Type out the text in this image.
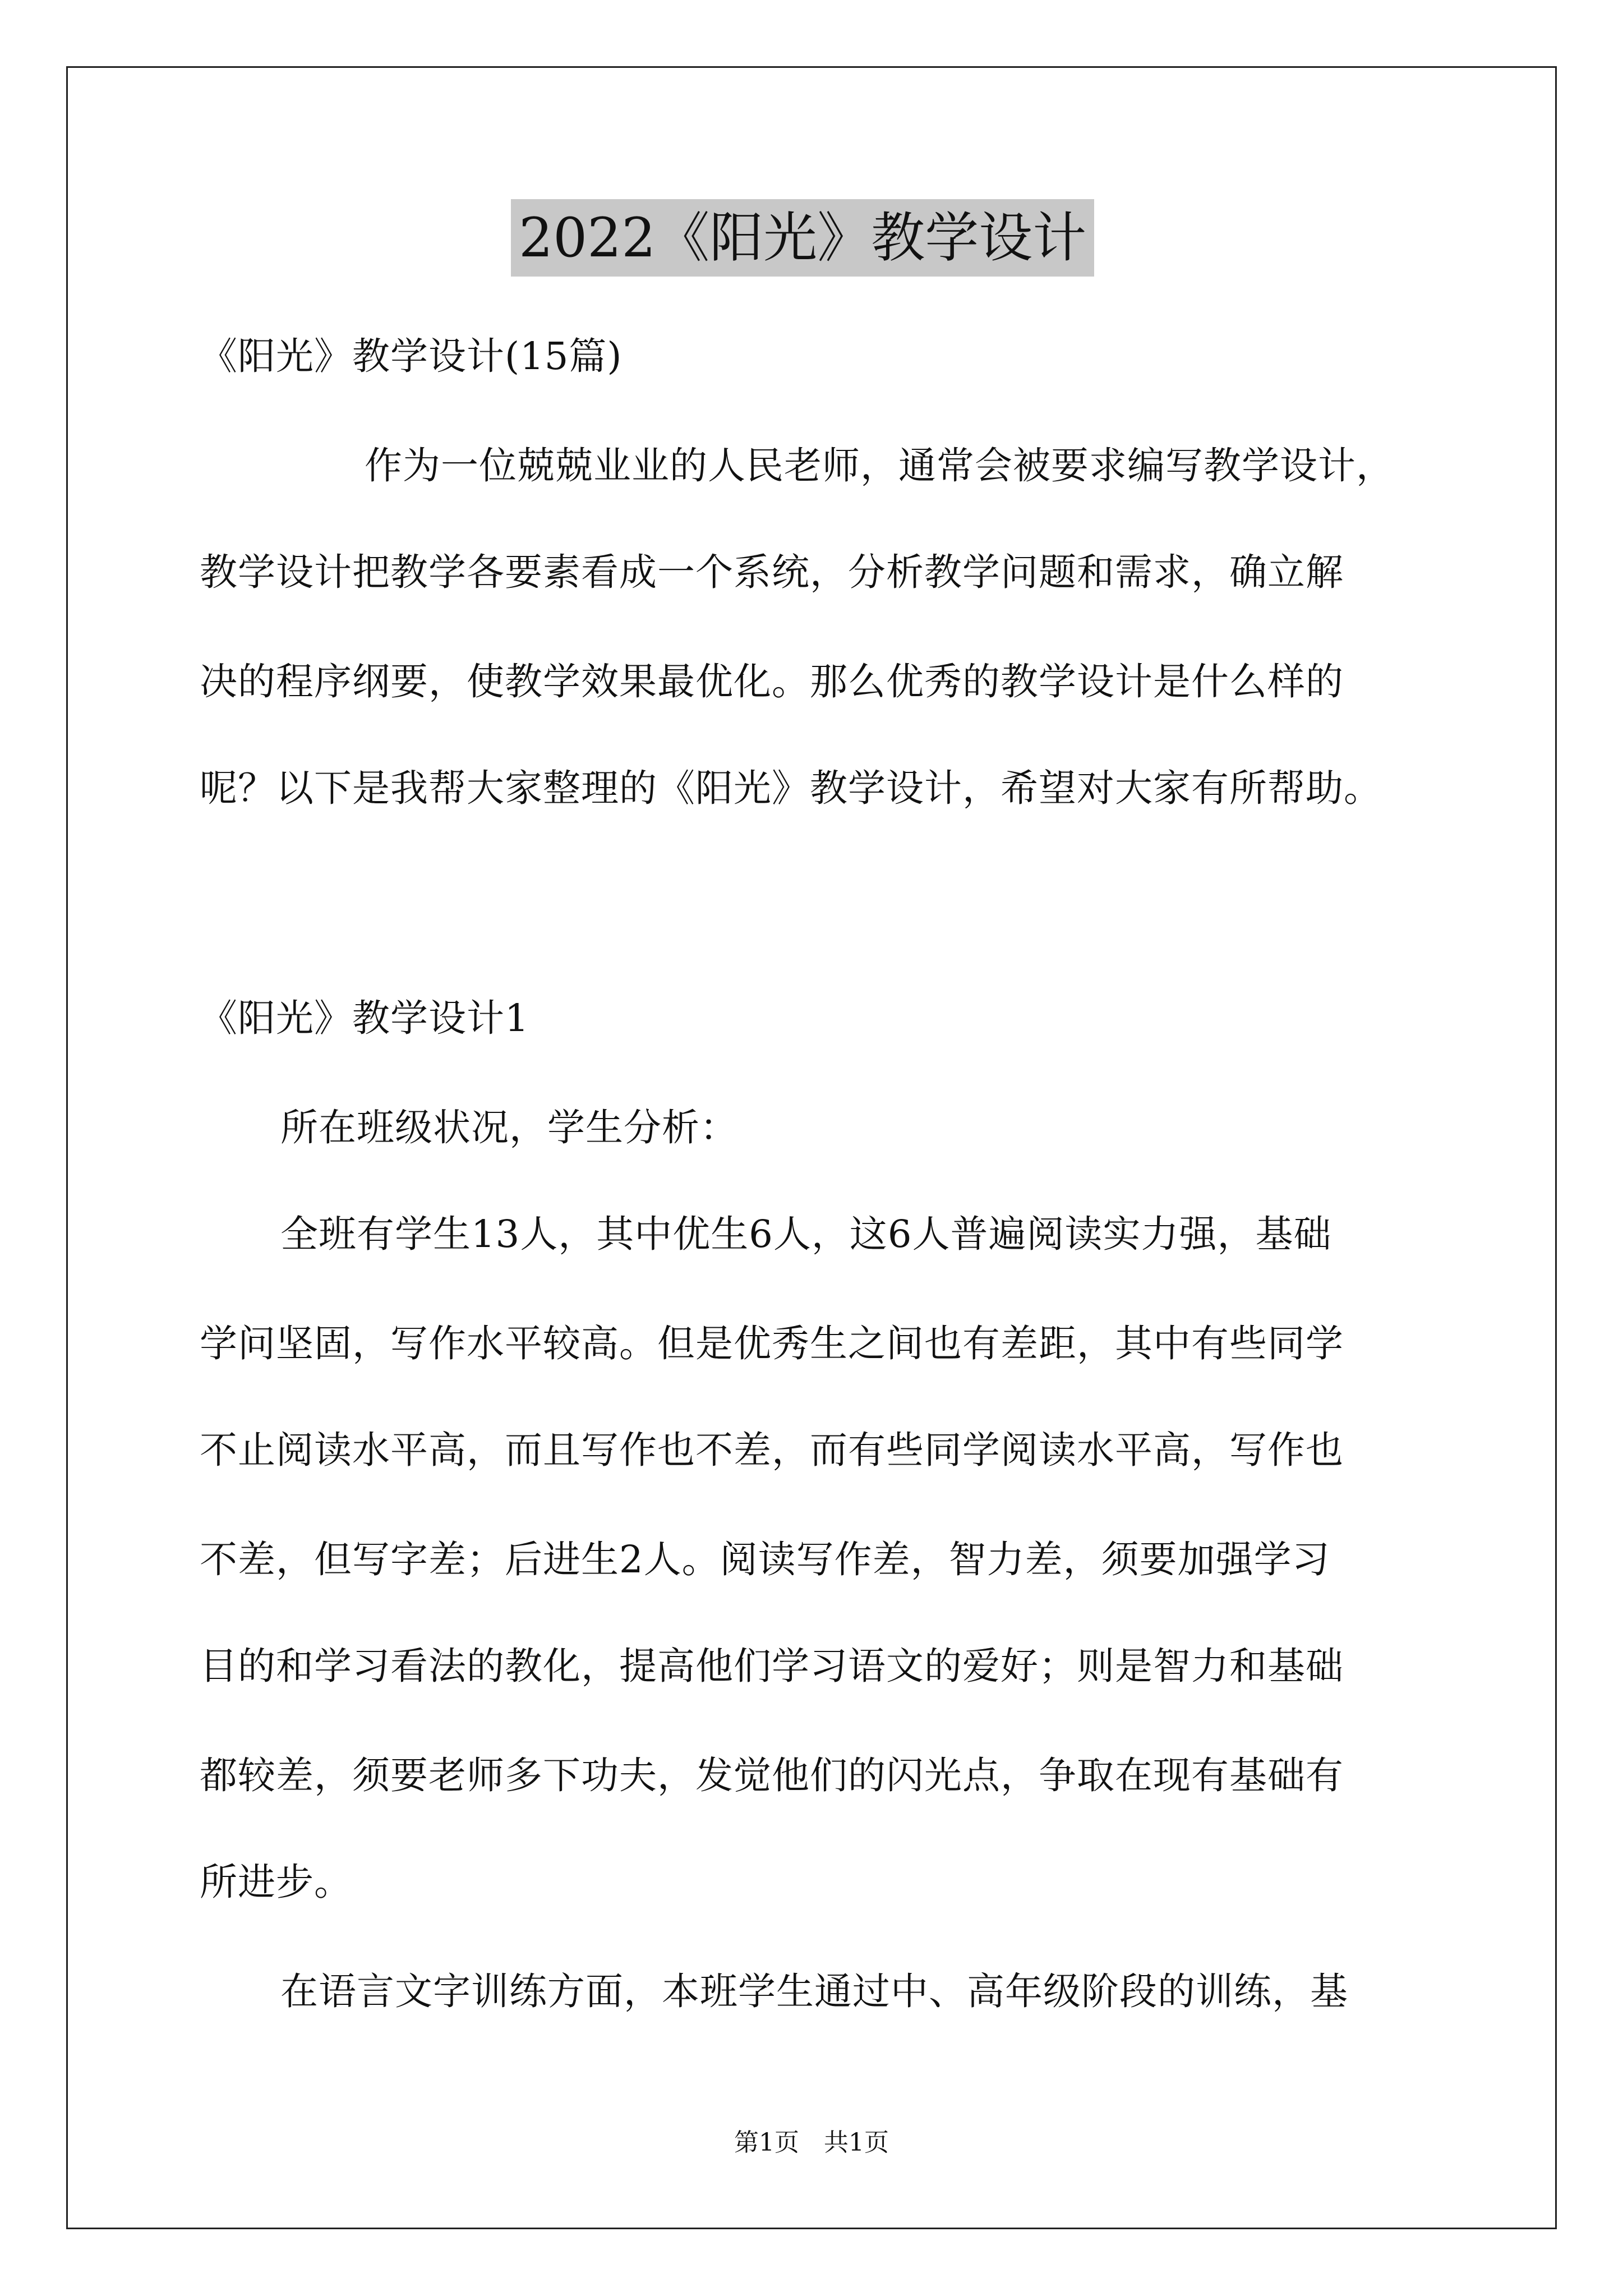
2022《阳光》教学设计
《阳光》教学设计(15篇)
作为一位兢兢业业的人民老师，通常会被要求编写教学设计，
教学设计把教学各要素看成一个系统，分析教学问题和需求，确立解
决的程序纲要，使教学效果最优化。那么优秀的教学设计是什么样的
呢？以下是我帮大家整理的《阳光》教学设计，希望对大家有所帮助。
《阳光》教学设计1
所在班级状况，学生分析：
全班有学生13人，其中优生6人，这6人普遍阅读实力强，基础
学问坚固，写作水平较高。但是优秀生之间也有差距，其中有些同学
不止阅读水平高，而且写作也不差，而有些同学阅读水平高，写作也
不差，但写字差；后进生2人。阅读写作差，智力差，须要加强学习
目的和学习看法的教化，提高他们学习语文的爱好；则是智力和基础
都较差，须要老师多下功夫，发觉他们的闪光点，争取在现有基础有
所进步。
在语言文字训练方面，本班学生通过中、高年级阶段的训练，基
第1页　共1页
